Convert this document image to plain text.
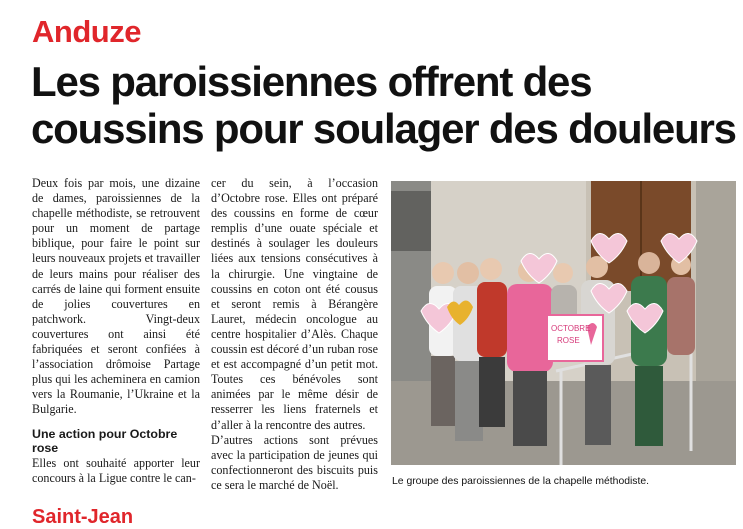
Anduze
Les paroissiennes offrent des coussins pour soulager des douleurs

Deux fois par mois, une dizaine de dames, paroissiennes de la chapelle méthodiste, se retrouvent pour un moment de partage biblique, pour faire le point sur leurs nouveaux projets et travailler de leurs mains pour réaliser des carrés de laine qui forment ensuite de jolies couvertures en patchwork. Vingt-deux couvertures ont ainsi été fabriquées et seront confiées à l’association drômoise Partage plus qui les acheminera en camion vers la Roumanie, l’Ukraine et la Bulgarie.

Une action pour Octobre rose

Elles ont souhaité apporter leur concours à la Ligue contre le can-

cer du sein, à l’occasion d’Octobre rose. Elles ont préparé des coussins en forme de cœur remplis d’une ouate spéciale et destinés à soulager les douleurs liées aux tensions consécutives à la chirurgie. Une vingtaine de coussins en coton ont été cousus et seront remis à Bérangère Lauret, médecin oncologue au centre hospitalier d’Alès. Chaque coussin est décoré d’un ruban rose et est accompagné d’un petit mot. Toutes ces bénévoles sont animées par le même désir de resserrer les liens fraternels et d’aller à la rencontre des autres.

D’autres actions sont prévues avec la participation de jeunes qui confectionneront des biscuits puis ce sera le marché de Noël.

OCTOBRE
ROSE
Le groupe des paroissiennes de la chapelle méthodiste.
Saint-Jean
